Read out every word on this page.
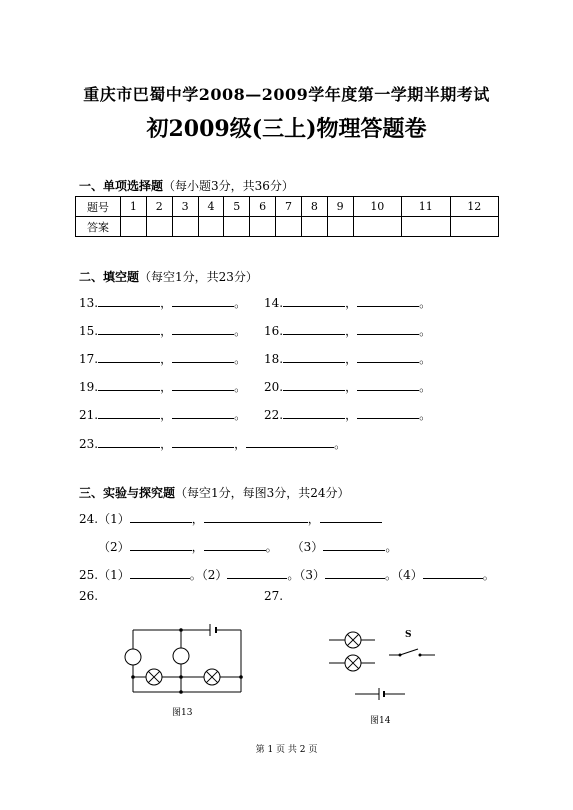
重庆市巴蜀中学2008—2009学年度第一学期半期考试
初2009级(三上)物理答题卷
一、单项选择题（每小题3分，共36分）
题号	1	2	3	4	5	6	7	8	9	10	11	12
答案												
二、填空题（每空1分，共23分）
13.	，	。 14.	，	。
15.	，	。 16.	，	。
17.	，	。 18.	，	。
19.	，	。 20.	，	。
21.	，	。 22.	，	。
23.	，	，	。
三、实验与探究题（每空1分，每图3分，共24分）
24.（1）	，	，
（2）	，	。 （3）	。
25.（1）	。（2）	。（3）	。（4）	。
26.	27.
图13
S
图14
第 1 页 共 2 页
